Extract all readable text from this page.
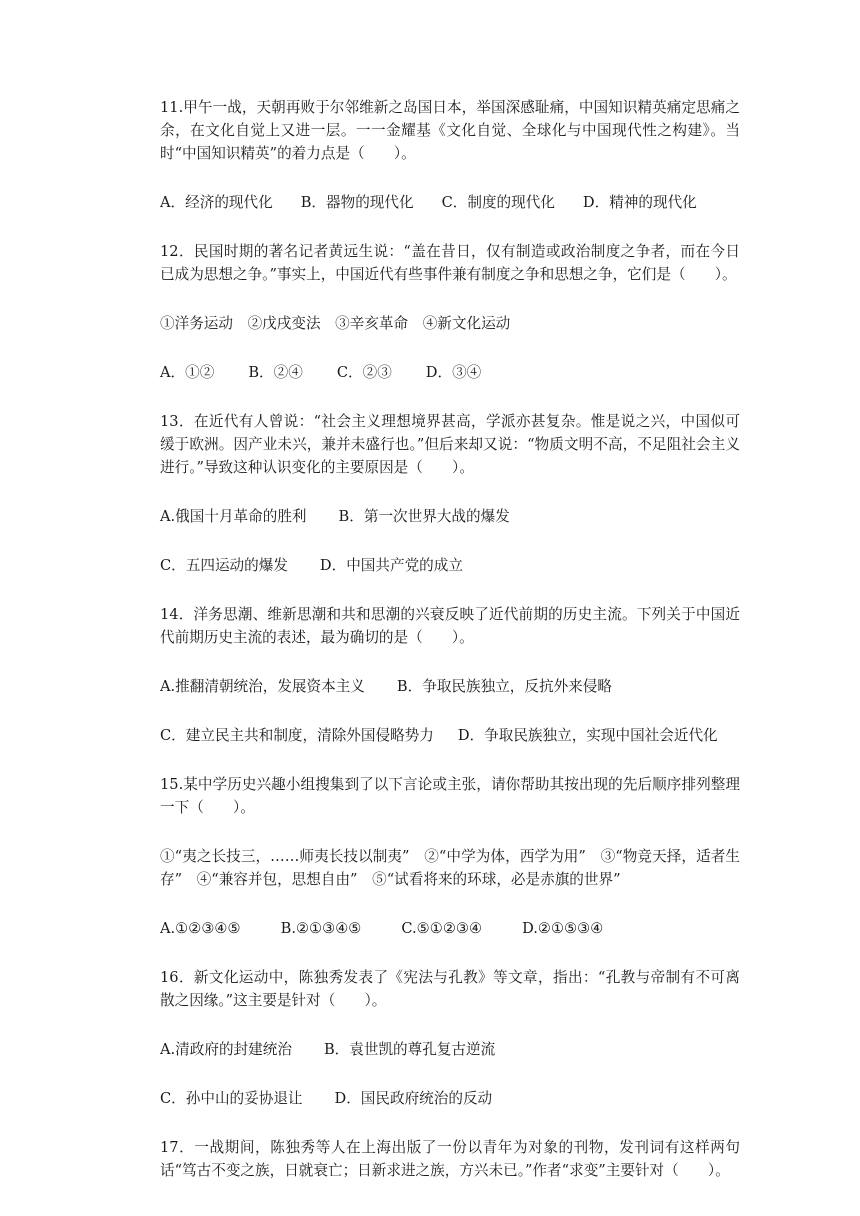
11.甲午一战，天朝再败于尔邻维新之岛国日本，举国深感耻痛，中国知识精英痛定思痛之余，在文化自觉上又进一层。一一金耀基《文化自觉、全球化与中国现代性之构建》。当时“中国知识精英”的着力点是（　　）。

A．经济的现代化 B．器物的现代化 C．制度的现代化 D．精神的现代化

12．民国时期的著名记者黄远生说：“盖在昔日，仅有制造或政治制度之争者，而在今日已成为思想之争。”事实上，中国近代有些事件兼有制度之争和思想之争，它们是（　　）。

①洋务运动　②戊戌变法　③辛亥革命　④新文化运动

A．①② B．②④ C．②③ D．③④

13．在近代有人曾说：“社会主义理想境界甚高，学派亦甚复杂。惟是说之兴，中国似可缓于欧洲。因产业未兴，兼并未盛行也。”但后来却又说：“物质文明不高，不足阻社会主义进行。”导致这种认识变化的主要原因是（　　）。

A.俄国十月革命的胜利 B．第一次世界大战的爆发

C．五四运动的爆发 D．中国共产党的成立

14．洋务思潮、维新思潮和共和思潮的兴衰反映了近代前期的历史主流。下列关于中国近代前期历史主流的表述，最为确切的是（　　）。

A.推翻清朝统治，发展资本主义 B．争取民族独立，反抗外来侵略

C．建立民主共和制度，清除外国侵略势力 D．争取民族独立，实现中国社会近代化

15.某中学历史兴趣小组搜集到了以下言论或主张，请你帮助其按出现的先后顺序排列整理一下（　　）。

①“夷之长技三，……师夷长技以制夷”　②“中学为体，西学为用”　③“物竞天择，适者生存”　④“兼容并包，思想自由”　⑤“试看将来的环球，必是赤旗的世界”

A.①②③④⑤	B.②①③④⑤	C.⑤①②③④	D.②①⑤③④

16．新文化运动中，陈独秀发表了《宪法与孔教》等文章，指出：“孔教与帝制有不可离散之因缘。”这主要是针对（　　）。

A.清政府的封建统治 B．袁世凯的尊孔复古逆流

C．孙中山的妥协退让 D．国民政府统治的反动

17．一战期间，陈独秀等人在上海出版了一份以青年为对象的刊物，发刊词有这样两句话“笃古不变之族，日就衰亡；日新求进之族，方兴未已。”作者“求变”主要针对（　　）。
